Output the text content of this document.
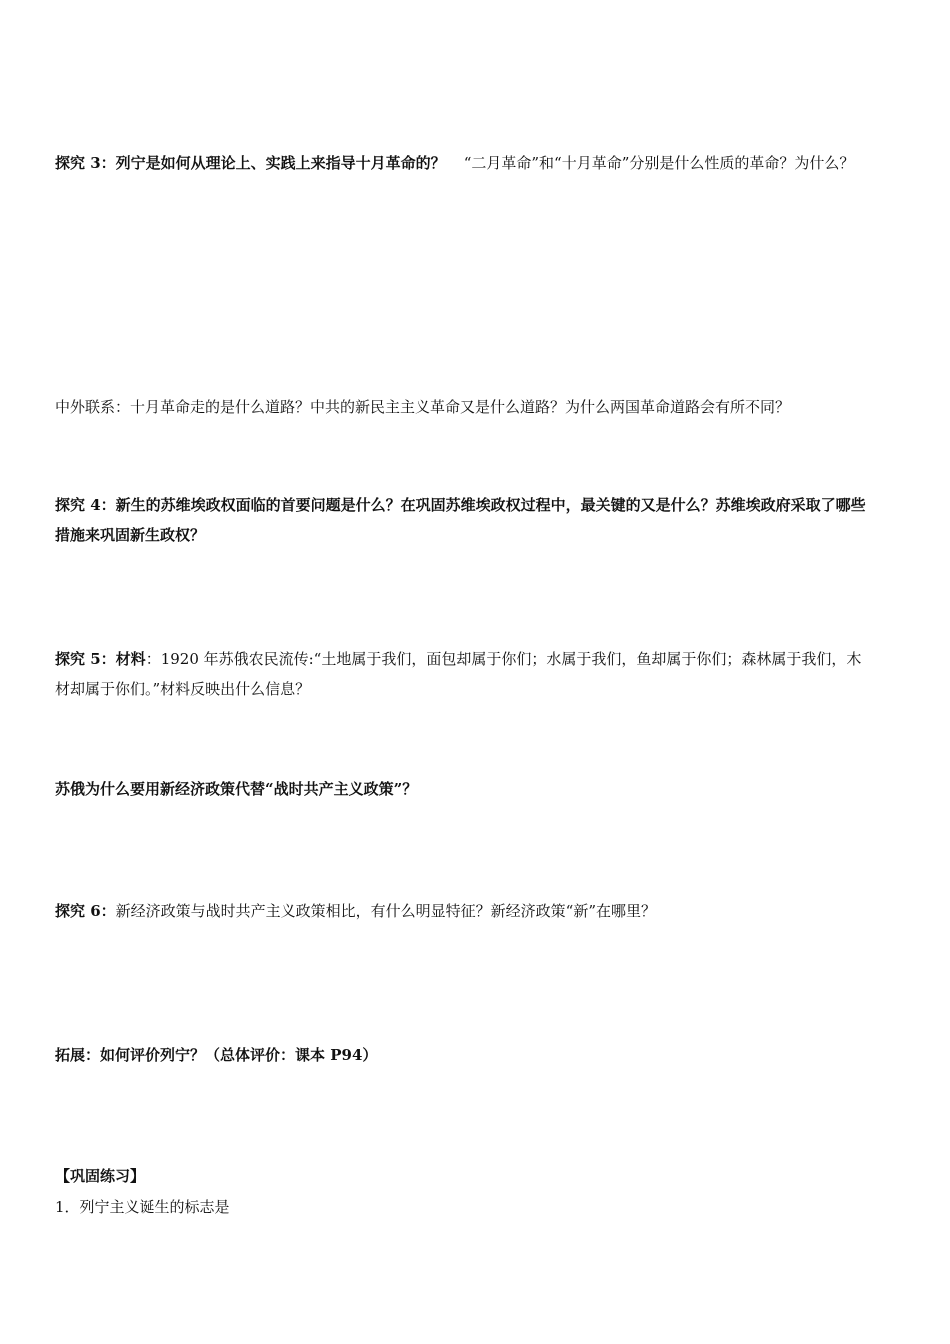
探究 3：列宁是如何从理论上、实践上来指导十月革命的？ “二月革命”和“十月革命”分别是什么性质的革命？为什么？

中外联系：十月革命走的是什么道路？中共的新民主主义革命又是什么道路？为什么两国革命道路会有所不同？

探究 4：新生的苏维埃政权面临的首要问题是什么？在巩固苏维埃政权过程中，最关键的又是什么？苏维埃政府采取了哪些措施来巩固新生政权？

探究 5：材料：1920 年苏俄农民流传:“土地属于我们，面包却属于你们；水属于我们，鱼却属于你们；森林属于我们，木材却属于你们。”材料反映出什么信息？

苏俄为什么要用新经济政策代替“战时共产主义政策”？

探究 6：新经济政策与战时共产主义政策相比，有什么明显特征？新经济政策“新”在哪里？

拓展：如何评价列宁？（总体评价：课本 P94）

【巩固练习】

1．列宁主义诞生的标志是
